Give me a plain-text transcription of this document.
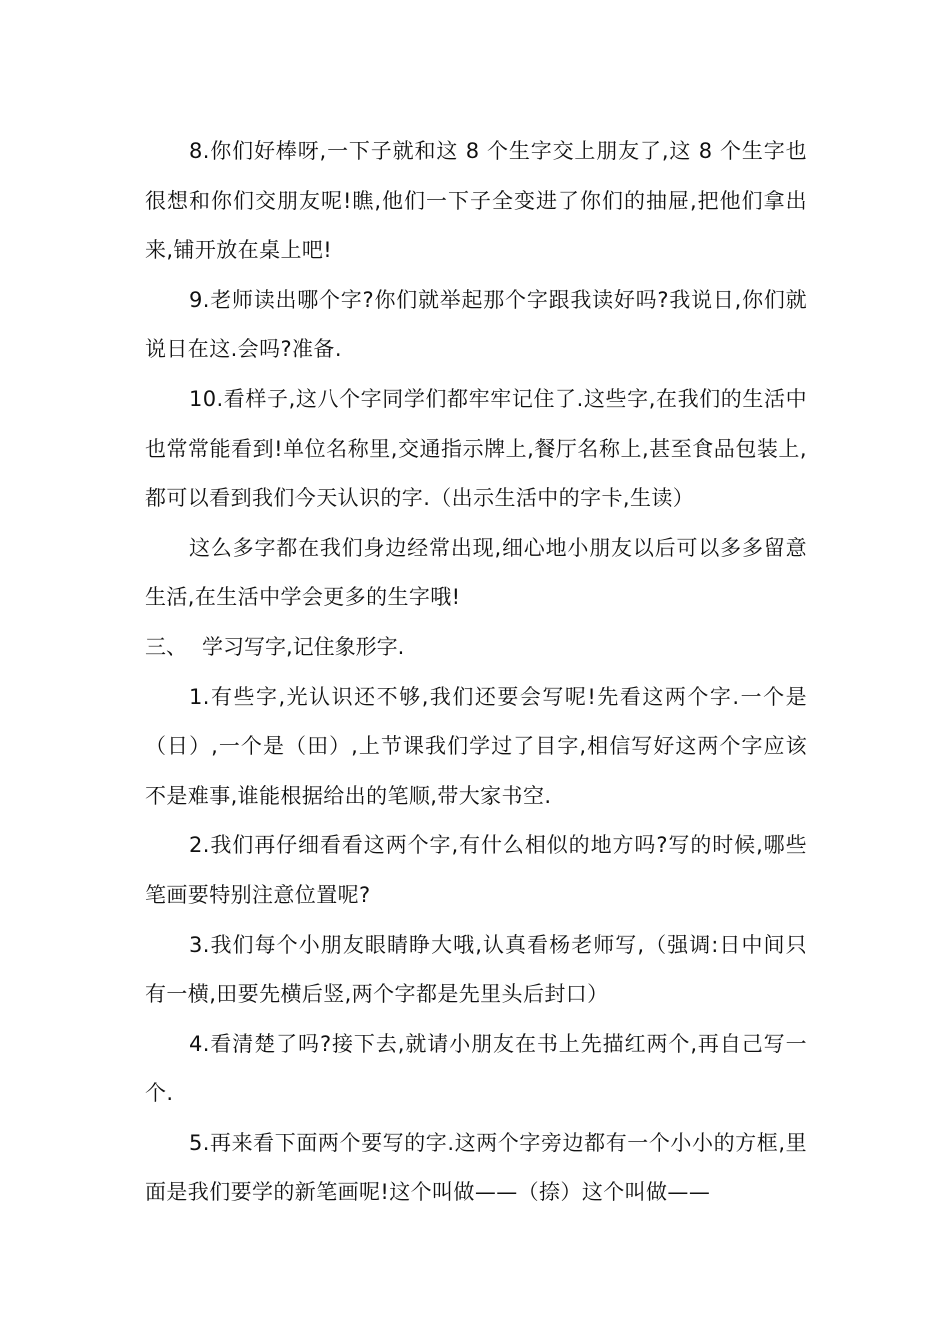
8.你们好棒呀,一下子就和这 8 个生字交上朋友了,这 8 个生字也很想和你们交朋友呢!瞧,他们一下子全变进了你们的抽屉,把他们拿出来,铺开放在桌上吧!

9.老师读出哪个字?你们就举起那个字跟我读好吗?我说日,你们就说日在这.会吗?准备.

10.看样子,这八个字同学们都牢牢记住了.这些字,在我们的生活中也常常能看到!单位名称里,交通指示牌上,餐厅名称上,甚至食品包装上,都可以看到我们今天认识的字.（出示生活中的字卡,生读）

这么多字都在我们身边经常出现,细心地小朋友以后可以多多留意生活,在生活中学会更多的生字哦!

三、 学习写字,记住象形字.

1.有些字,光认识还不够,我们还要会写呢!先看这两个字.一个是（日）,一个是（田）,上节课我们学过了目字,相信写好这两个字应该不是难事,谁能根据给出的笔顺,带大家书空.

2.我们再仔细看看这两个字,有什么相似的地方吗?写的时候,哪些笔画要特别注意位置呢?

3.我们每个小朋友眼睛睁大哦,认真看杨老师写,（强调:日中间只有一横,田要先横后竖,两个字都是先里头后封口）

4.看清楚了吗?接下去,就请小朋友在书上先描红两个,再自己写一个.

5.再来看下面两个要写的字.这两个字旁边都有一个小小的方框,里面是我们要学的新笔画呢!这个叫做——（捺）这个叫做——
